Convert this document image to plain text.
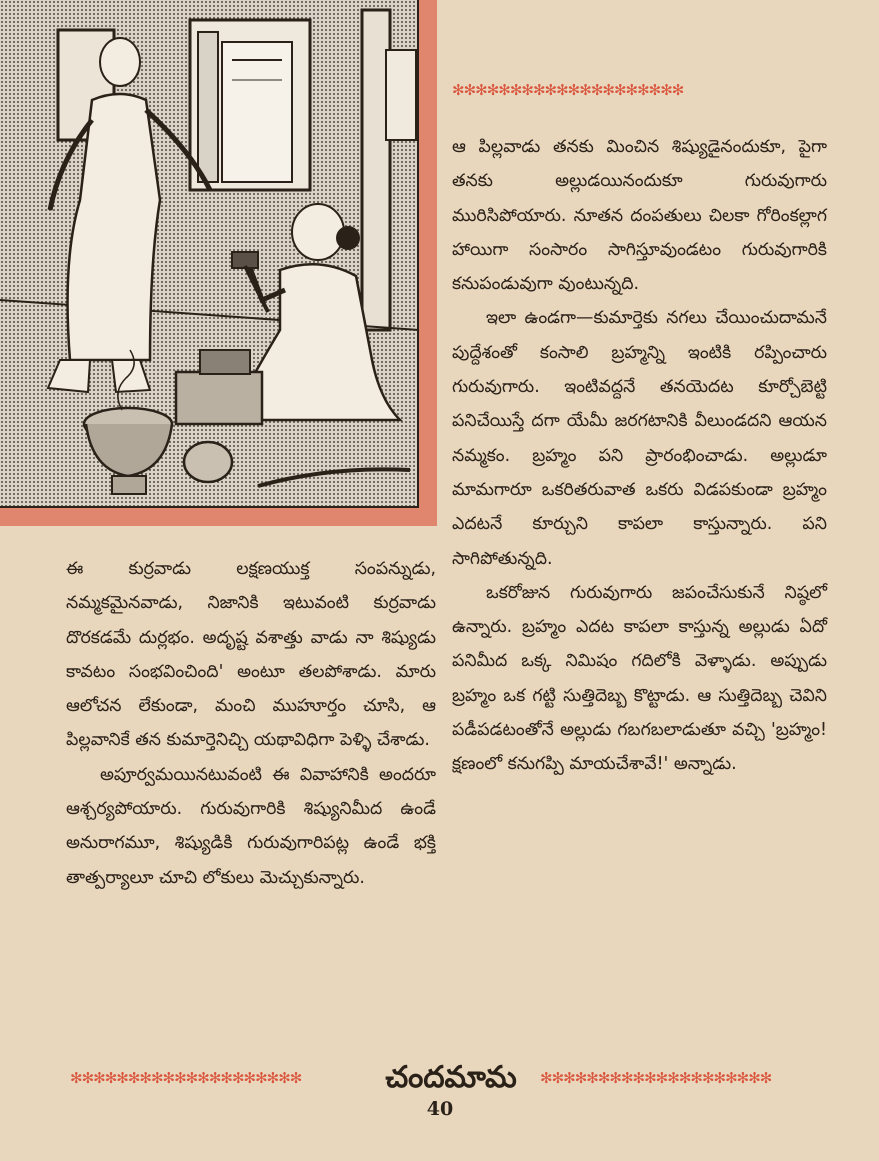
✻✻✻✻✻✻✻✻✻✻✻✻✻✻✻✻✻✻✻✻

ఆ పిల్లవాడు తనకు మించిన శిష్యుడైనందుకూ, పైగా తనకు అల్లుడయినందుకూ గురువుగారు మురిసిపోయారు. నూతన దంపతులు చిలకా గోరింకల్లాగ హాయిగా సంసారం సాగిస్తూవుండటం గురువుగారికి కనుపండువుగా వుంటున్నది.

ఇలా ఉండగా—కుమార్తెకు నగలు చేయించుదామనే పుద్దేశంతో కంసాలి బ్రహ్మన్ని ఇంటికి రప్పించారు గురువుగారు. ఇంటివద్దనే తనయెదట కూర్చోబెట్టి పనిచేయిస్తే దగా యేమీ జరగటానికి వీలుండదని ఆయన నమ్మకం. బ్రహ్మం పని ప్రారంభించాడు. అల్లుడూ మామగారూ ఒకరితరువాత ఒకరు విడపకుండా బ్రహ్మం ఎదటనే కూర్చుని కాపలా కాస్తున్నారు. పని సాగిపోతున్నది.

ఒకరోజున గురువుగారు జపంచేసుకునే నిష్ఠలో ఉన్నారు. బ్రహ్మం ఎదట కాపలా కాస్తున్న అల్లుడు ఏదో పనిమీద ఒక్క నిమిషం గదిలోకి వెళ్ళాడు. అప్పుడు బ్రహ్మం ఒక గట్టి సుత్తిదెబ్బ కొట్టాడు. ఆ సుత్తిదెబ్బ చెవిని పడీపడటంతోనే అల్లుడు గబగబలాడుతూ వచ్చి 'బ్రహ్మం! క్షణంలో కనుగప్పి మాయచేశావే!' అన్నాడు.

ఈ కుర్రవాడు లక్షణయుక్త సంపన్నుడు, నమ్మకమైనవాడు, నిజానికి ఇటువంటి కుర్రవాడు దొరకడమే దుర్లభం. అదృష్ట వశాత్తు వాడు నా శిష్యుడు కావటం సంభవించింది' అంటూ తలపోశాడు. మారు ఆలోచన లేకుండా, మంచి ముహూర్తం చూసి, ఆ పిల్లవానికే తన కుమార్తెనిచ్చి యథావిధిగా పెళ్ళి చేశాడు.

అపూర్వమయినటువంటి ఈ వివాహానికి అందరూ ఆశ్చర్యపోయారు. గురువుగారికి శిష్యునిమీద ఉండే అనురాగమూ, శిష్యుడికి గురువుగారిపట్ల ఉండే భక్తి తాత్పర్యాలూ చూచి లోకులు మెచ్చుకున్నారు.

✻✻✻✻✻✻✻✻✻✻✻✻✻✻✻✻✻✻✻✻	చందమామ	✻✻✻✻✻✻✻✻✻✻✻✻✻✻✻✻✻✻✻✻
40
